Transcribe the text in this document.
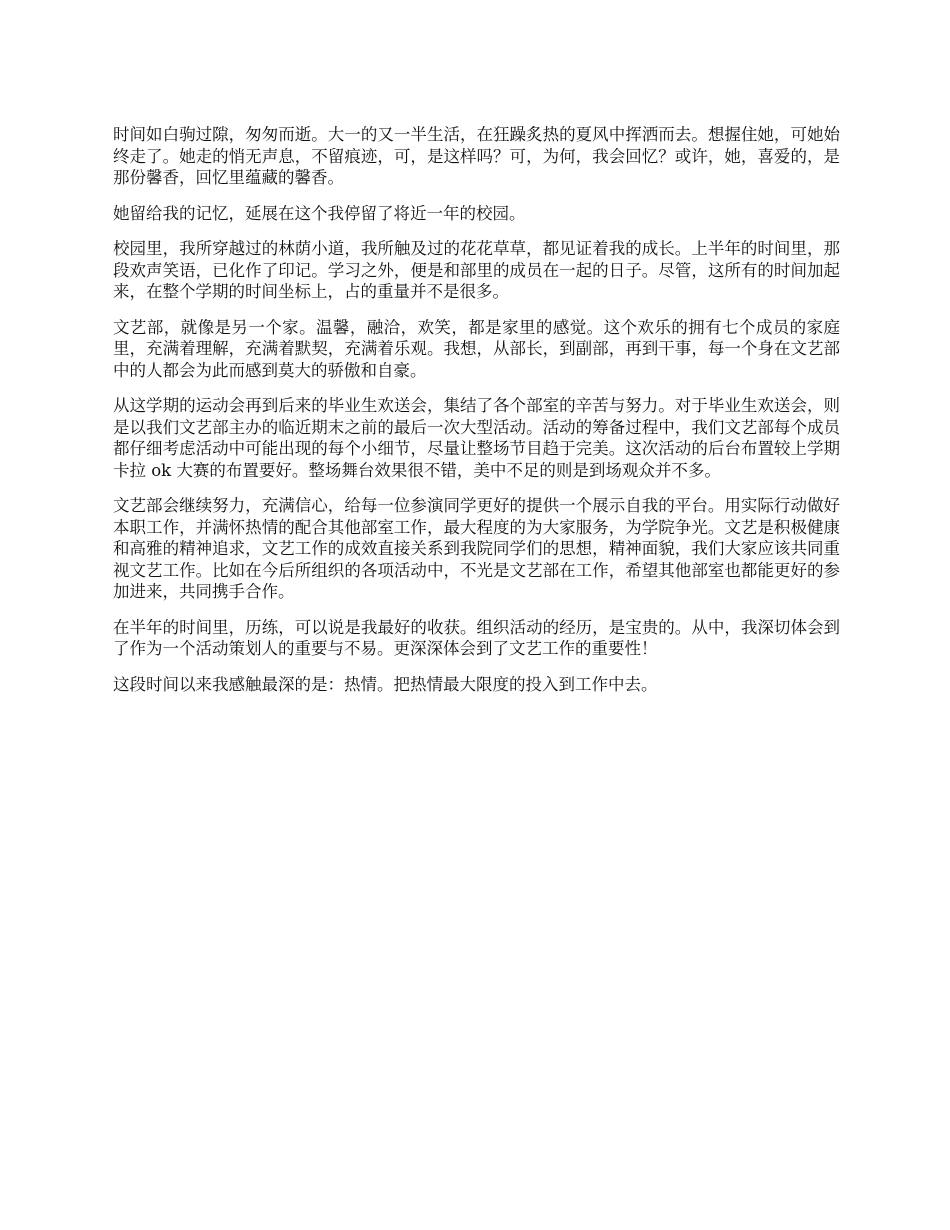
时间如白驹过隙，匆匆而逝。大一的又一半生活，在狂躁炙热的夏风中挥洒而去。想握住她，可她始终走了。她走的悄无声息，不留痕迹，可，是这样吗？可，为何，我会回忆？或许，她，喜爱的，是那份馨香，回忆里蕴藏的馨香。

她留给我的记忆，延展在这个我停留了将近一年的校园。

校园里，我所穿越过的林荫小道，我所触及过的花花草草，都见证着我的成长。上半年的时间里，那段欢声笑语，已化作了印记。学习之外，便是和部里的成员在一起的日子。尽管，这所有的时间加起来，在整个学期的时间坐标上，占的重量并不是很多。

文艺部，就像是另一个家。温馨，融洽，欢笑，都是家里的感觉。这个欢乐的拥有七个成员的家庭里，充满着理解，充满着默契，充满着乐观。我想，从部长，到副部，再到干事，每一个身在文艺部中的人都会为此而感到莫大的骄傲和自豪。

从这学期的运动会再到后来的毕业生欢送会，集结了各个部室的辛苦与努力。对于毕业生欢送会，则是以我们文艺部主办的临近期末之前的最后一次大型活动。活动的筹备过程中，我们文艺部每个成员都仔细考虑活动中可能出现的每个小细节，尽量让整场节目趋于完美。这次活动的后台布置较上学期卡拉 ok 大赛的布置要好。整场舞台效果很不错，美中不足的则是到场观众并不多。

文艺部会继续努力，充满信心，给每一位参演同学更好的提供一个展示自我的平台。用实际行动做好本职工作，并满怀热情的配合其他部室工作，最大程度的为大家服务，为学院争光。文艺是积极健康和高雅的精神追求，文艺工作的成效直接关系到我院同学们的思想，精神面貌，我们大家应该共同重视文艺工作。比如在今后所组织的各项活动中，不光是文艺部在工作，希望其他部室也都能更好的参加进来，共同携手合作。

在半年的时间里，历练，可以说是我最好的收获。组织活动的经历，是宝贵的。从中，我深切体会到了作为一个活动策划人的重要与不易。更深深体会到了文艺工作的重要性！

这段时间以来我感触最深的是：热情。把热情最大限度的投入到工作中去。
